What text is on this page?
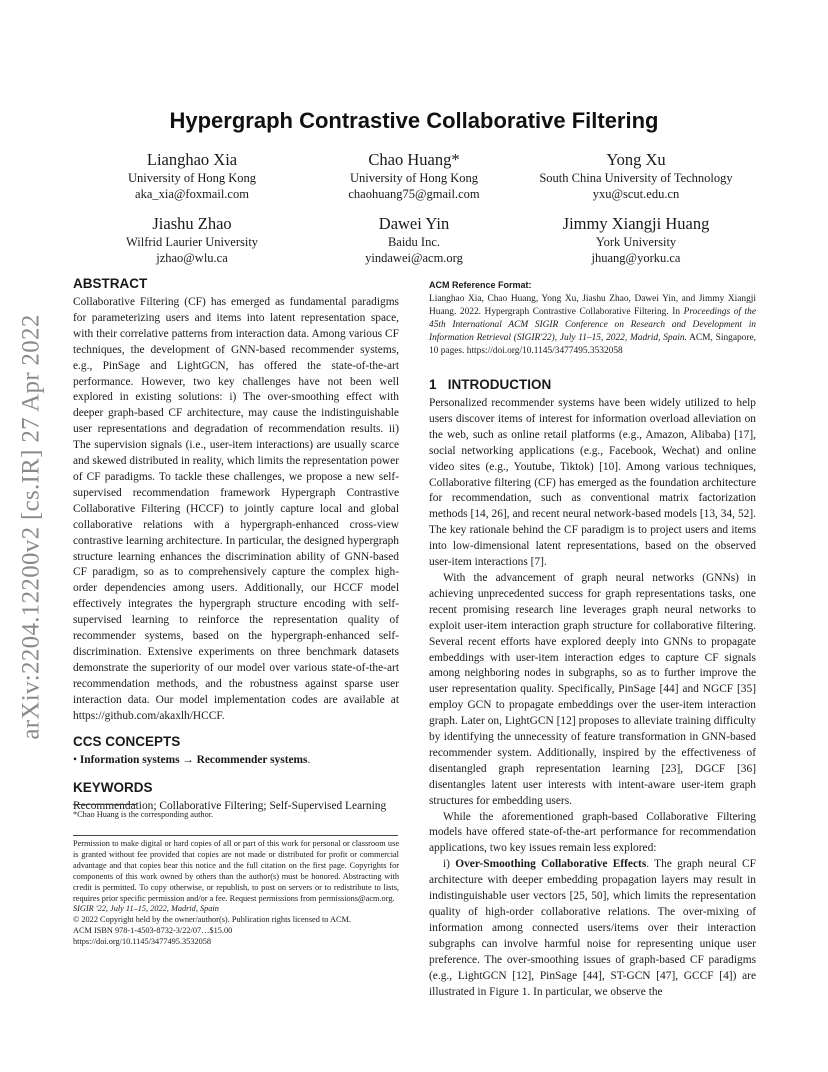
arXiv:2204.12200v2 [cs.IR] 27 Apr 2022
Hypergraph Contrastive Collaborative Filtering
Lianghao Xia
University of Hong Kong
aka_xia@foxmail.com
Chao Huang*
University of Hong Kong
chaohuang75@gmail.com
Yong Xu
South China University of Technology
yxu@scut.edu.cn
Jiashu Zhao
Wilfrid Laurier University
jzhao@wlu.ca
Dawei Yin
Baidu Inc.
yindawei@acm.org
Jimmy Xiangji Huang
York University
jhuang@yorku.ca
ABSTRACT

Collaborative Filtering (CF) has emerged as fundamental paradigms for parameterizing users and items into latent representation space, with their correlative patterns from interaction data. Among various CF techniques, the development of GNN-based recommender systems, e.g., PinSage and LightGCN, has offered the state-of-the-art performance. However, two key challenges have not been well explored in existing solutions: i) The over-smoothing effect with deeper graph-based CF architecture, may cause the indistinguishable user representations and degradation of recommendation results. ii) The supervision signals (i.e., user-item interactions) are usually scarce and skewed distributed in reality, which limits the representation power of CF paradigms. To tackle these challenges, we propose a new self-supervised recommendation framework Hypergraph Contrastive Collaborative Filtering (HCCF) to jointly capture local and global collaborative relations with a hypergraph-enhanced cross-view contrastive learning architecture. In particular, the designed hypergraph structure learning enhances the discrimination ability of GNN-based CF paradigm, so as to comprehensively capture the complex high-order dependencies among users. Additionally, our HCCF model effectively integrates the hypergraph structure encoding with self-supervised learning to reinforce the representation quality of recommender systems, based on the hypergraph-enhanced self-discrimination. Extensive experiments on three benchmark datasets demonstrate the superiority of our model over various state-of-the-art recommendation methods, and the robustness against sparse user interaction data. Our model implementation codes are available at https://github.com/akaxlh/HCCF.

CCS CONCEPTS

• Information systems → Recommender systems.

KEYWORDS

Recommendation; Collaborative Filtering; Self-Supervised Learning

*Chao Huang is the corresponding author.

Permission to make digital or hard copies of all or part of this work for personal or classroom use is granted without fee provided that copies are not made or distributed for profit or commercial advantage and that copies bear this notice and the full citation on the first page. Copyrights for components of this work owned by others than the author(s) must be honored. Abstracting with credit is permitted. To copy otherwise, or republish, to post on servers or to redistribute to lists, requires prior specific permission and/or a fee. Request permissions from permissions@acm.org.

SIGIR '22, July 11–15, 2022, Madrid, Spain

© 2022 Copyright held by the owner/author(s). Publication rights licensed to ACM.

ACM ISBN 978-1-4503-8732-3/22/07…$15.00

https://doi.org/10.1145/3477495.3532058

ACM Reference Format:

Lianghao Xia, Chao Huang, Yong Xu, Jiashu Zhao, Dawei Yin, and Jimmy Xiangji Huang. 2022. Hypergraph Contrastive Collaborative Filtering. In Proceedings of the 45th International ACM SIGIR Conference on Research and Development in Information Retrieval (SIGIR'22), July 11–15, 2022, Madrid, Spain. ACM, Singapore, 10 pages. https://doi.org/10.1145/3477495.3532058

1 INTRODUCTION

Personalized recommender systems have been widely utilized to help users discover items of interest for information overload alleviation on the web, such as online retail platforms (e.g., Amazon, Alibaba) [17], social networking applications (e.g., Facebook, Wechat) and online video sites (e.g., Youtube, Tiktok) [10]. Among various techniques, Collaborative filtering (CF) has emerged as the foundation architecture for recommendation, such as conventional matrix factorization methods [14, 26], and recent neural network-based models [13, 34, 52]. The key rationale behind the CF paradigm is to project users and items into low-dimensional latent representations, based on the observed user-item interactions [7].

With the advancement of graph neural networks (GNNs) in achieving unprecedented success for graph representations tasks, one recent promising research line leverages graph neural networks to exploit user-item interaction graph structure for collaborative filtering. Several recent efforts have explored deeply into GNNs to propagate embeddings with user-item interaction edges to capture CF signals among neighboring nodes in subgraphs, so as to further improve the user representation quality. Specifically, PinSage [44] and NGCF [35] employ GCN to propagate embeddings over the user-item interaction graph. Later on, LightGCN [12] proposes to alleviate training difficulty by identifying the unnecessity of feature transformation in GNN-based recommender system. Additionally, inspired by the effectiveness of disentangled graph representation learning [23], DGCF [36] disentangles latent user interests with intent-aware user-item graph structures for embedding users.

While the aforementioned graph-based Collaborative Filtering models have offered state-of-the-art performance for recommendation applications, two key issues remain less explored:

i) Over-Smoothing Collaborative Effects. The graph neural CF architecture with deeper embedding propagation layers may result in indistinguishable user vectors [25, 50], which limits the representation quality of high-order collaborative relations. The over-mixing of information among connected users/items over their interaction subgraphs can involve harmful noise for representing unique user preference. The over-smoothing issues of graph-based CF paradigms (e.g., LightGCN [12], PinSage [44], ST-GCN [47], GCCF [4]) are illustrated in Figure 1. In particular, we observe the
